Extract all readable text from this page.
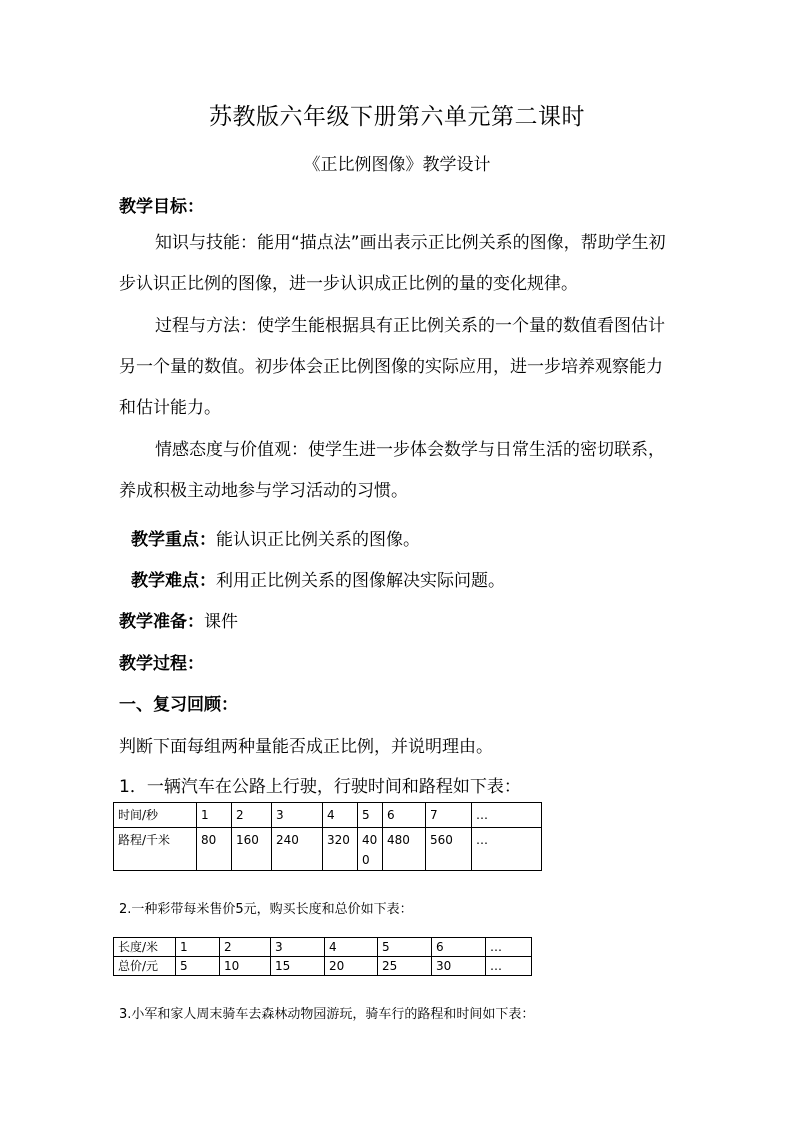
苏教版六年级下册第六单元第二课时
《正比例图像》教学设计
教学目标：
知识与技能：能用“描点法”画出表示正比例关系的图像，帮助学生初步认识正比例的图像，进一步认识成正比例的量的变化规律。
过程与方法：使学生能根据具有正比例关系的一个量的数值看图估计另一个量的数值。初步体会正比例图像的实际应用，进一步培养观察能力和估计能力。
情感态度与价值观：使学生进一步体会数学与日常生活的密切联系，养成积极主动地参与学习活动的习惯。
教学重点：能认识正比例关系的图像。
教学难点：利用正比例关系的图像解决实际问题。
教学准备：课件
教学过程：
一、复习回顾：
判断下面每组两种量能否成正比例，并说明理由。
1．一辆汽车在公路上行驶，行驶时间和路程如下表：
时间/秒	1	2	3	4	5	6	7	…
路程/千米	80	160	240	320	400	480	560	…
2.一种彩带每米售价5元，购买长度和总价如下表：
长度/米	1	2	3	4	5	6	…
总价/元	5	10	15	20	25	30	…
3.小军和家人周末骑车去森林动物园游玩，骑车行的路程和时间如下表：
